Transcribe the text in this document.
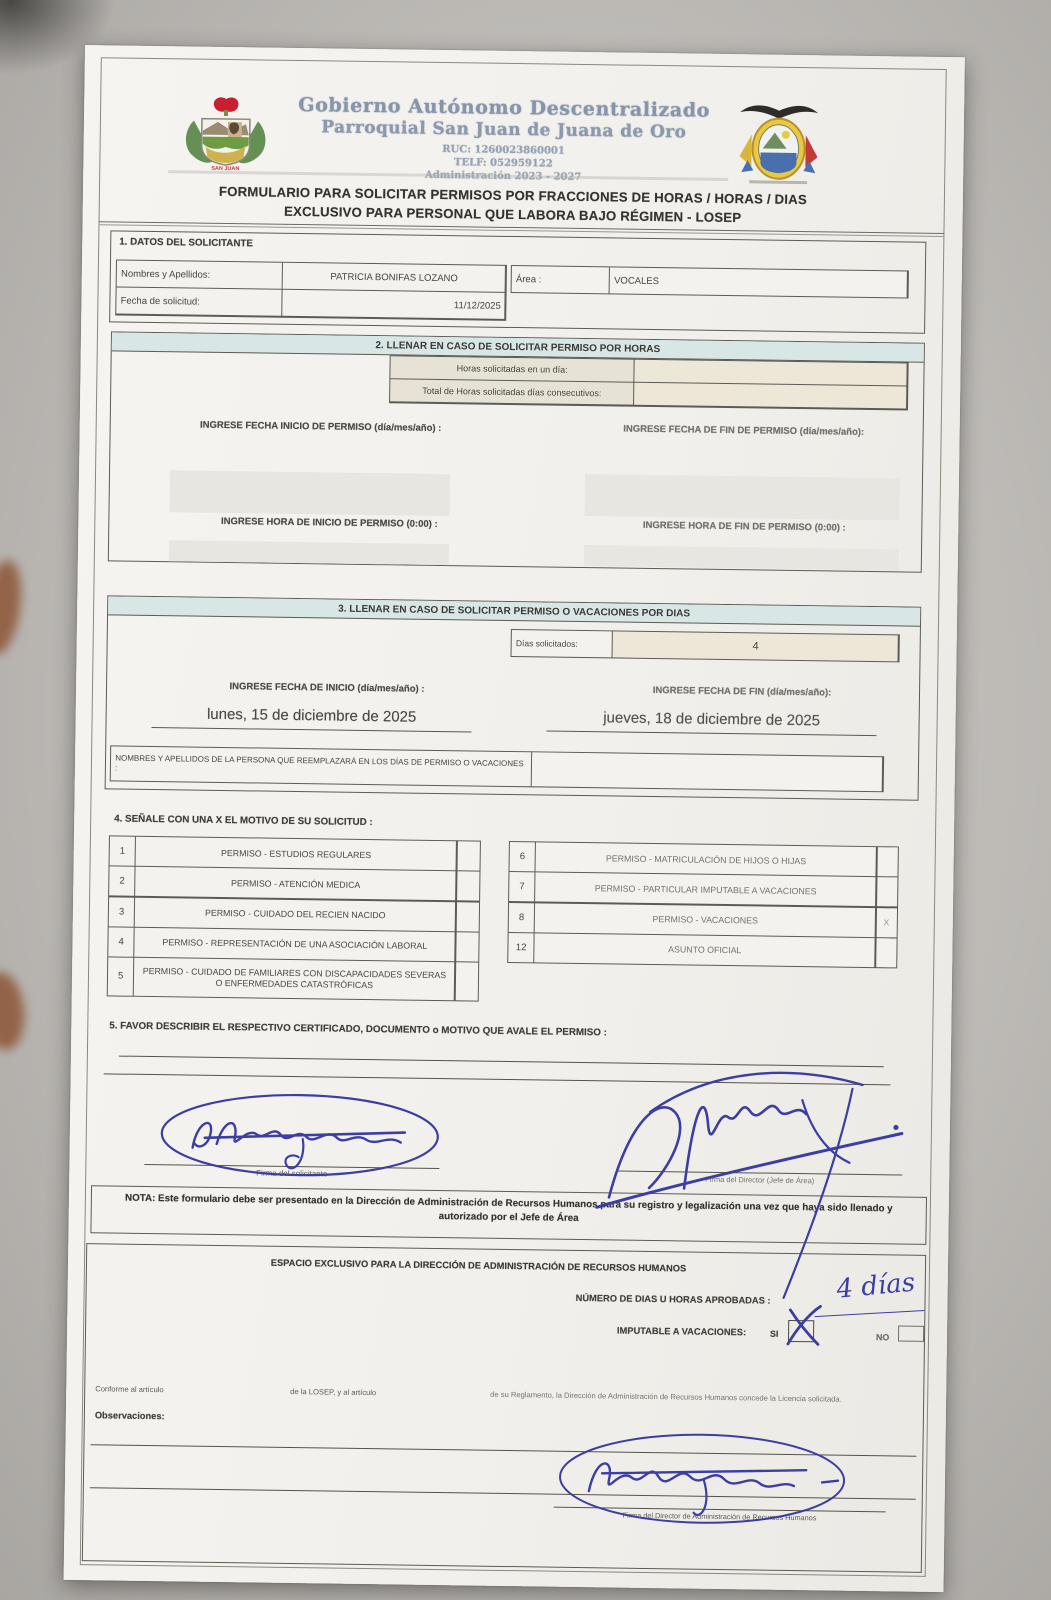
SAN JUAN
Gobierno Autónomo Descentralizado
Parroquial San Juan de Juana de Oro
RUC: 1260023860001
TELF: 052959122
Administración 2023 - 2027
FORMULARIO PARA SOLICITAR PERMISOS POR FRACCIONES DE HORAS / HORAS / DIAS
EXCLUSIVO PARA PERSONAL QUE LABORA BAJO RÉGIMEN - LOSEP
1. DATOS DEL SOLICITANTE
Nombres y Apellidos:	PATRICIA BONIFAS LOZANO
Fecha de solicitud:	11/12/2025
Área :	VOCALES
2. LLENAR EN CASO DE SOLICITAR PERMISO POR HORAS
Horas solicitadas en un día:
Total de Horas solicitadas días consecutivos:
INGRESE FECHA INICIO DE PERMISO (día/mes/año) :	INGRESE FECHA DE FIN DE PERMISO (día/mes/año):
INGRESE HORA DE INICIO DE PERMISO (0:00) :	INGRESE HORA DE FIN DE PERMISO (0:00) :
3. LLENAR EN CASO DE SOLICITAR PERMISO O VACACIONES POR DIAS
Días solicitados:	4
INGRESE FECHA DE INICIO (día/mes/año) :	INGRESE FECHA DE FIN (día/mes/año):
lunes, 15 de diciembre de 2025	jueves, 18 de diciembre de 2025
NOMBRES Y APELLIDOS DE LA PERSONA QUE REEMPLAZARÁ EN LOS DÍAS DE PERMISO O VACACIONES :
4. SEÑALE CON UNA X EL MOTIVO DE SU SOLICITUD :
1	PERMISO - ESTUDIOS REGULARES
2	PERMISO - ATENCIÓN MEDICA
3	PERMISO - CUIDADO DEL RECIEN NACIDO
4	PERMISO - REPRESENTACIÓN DE UNA ASOCIACIÓN LABORAL
5	PERMISO - CUIDADO DE FAMILIARES CON DISCAPACIDADES SEVERAS O ENFERMEDADES CATASTRÓFICAS
6	PERMISO - MATRICULACIÓN DE HIJOS O HIJAS
7	PERMISO - PARTICULAR IMPUTABLE A VACACIONES
8	PERMISO - VACACIONES	X
12	ASUNTO OFICIAL
5. FAVOR DESCRIBIR EL RESPECTIVO CERTIFICADO, DOCUMENTO o MOTIVO QUE AVALE EL PERMISO :
Firma del solicitante
Firma del Director (Jefe de Área)
NOTA: Este formulario debe ser presentado en la Dirección de Administración de Recursos Humanos para su registro y legalización una vez que haya sido llenado y autorizado por el Jefe de Área
ESPACIO EXCLUSIVO PARA LA DIRECCIÓN DE ADMINISTRACIÓN DE RECURSOS HUMANOS
NÚMERO DE DIAS U HORAS APROBADAS :	4 días
IMPUTABLE A VACACIONES:	SI	NO
Conforme al artículo	de la LOSEP, y al artículo	de su Reglamento, la Dirección de Administración de Recursos Humanos concede la Licencia solicitada.
Observaciones:
Firma del Director de Administración de Recursos Humanos
